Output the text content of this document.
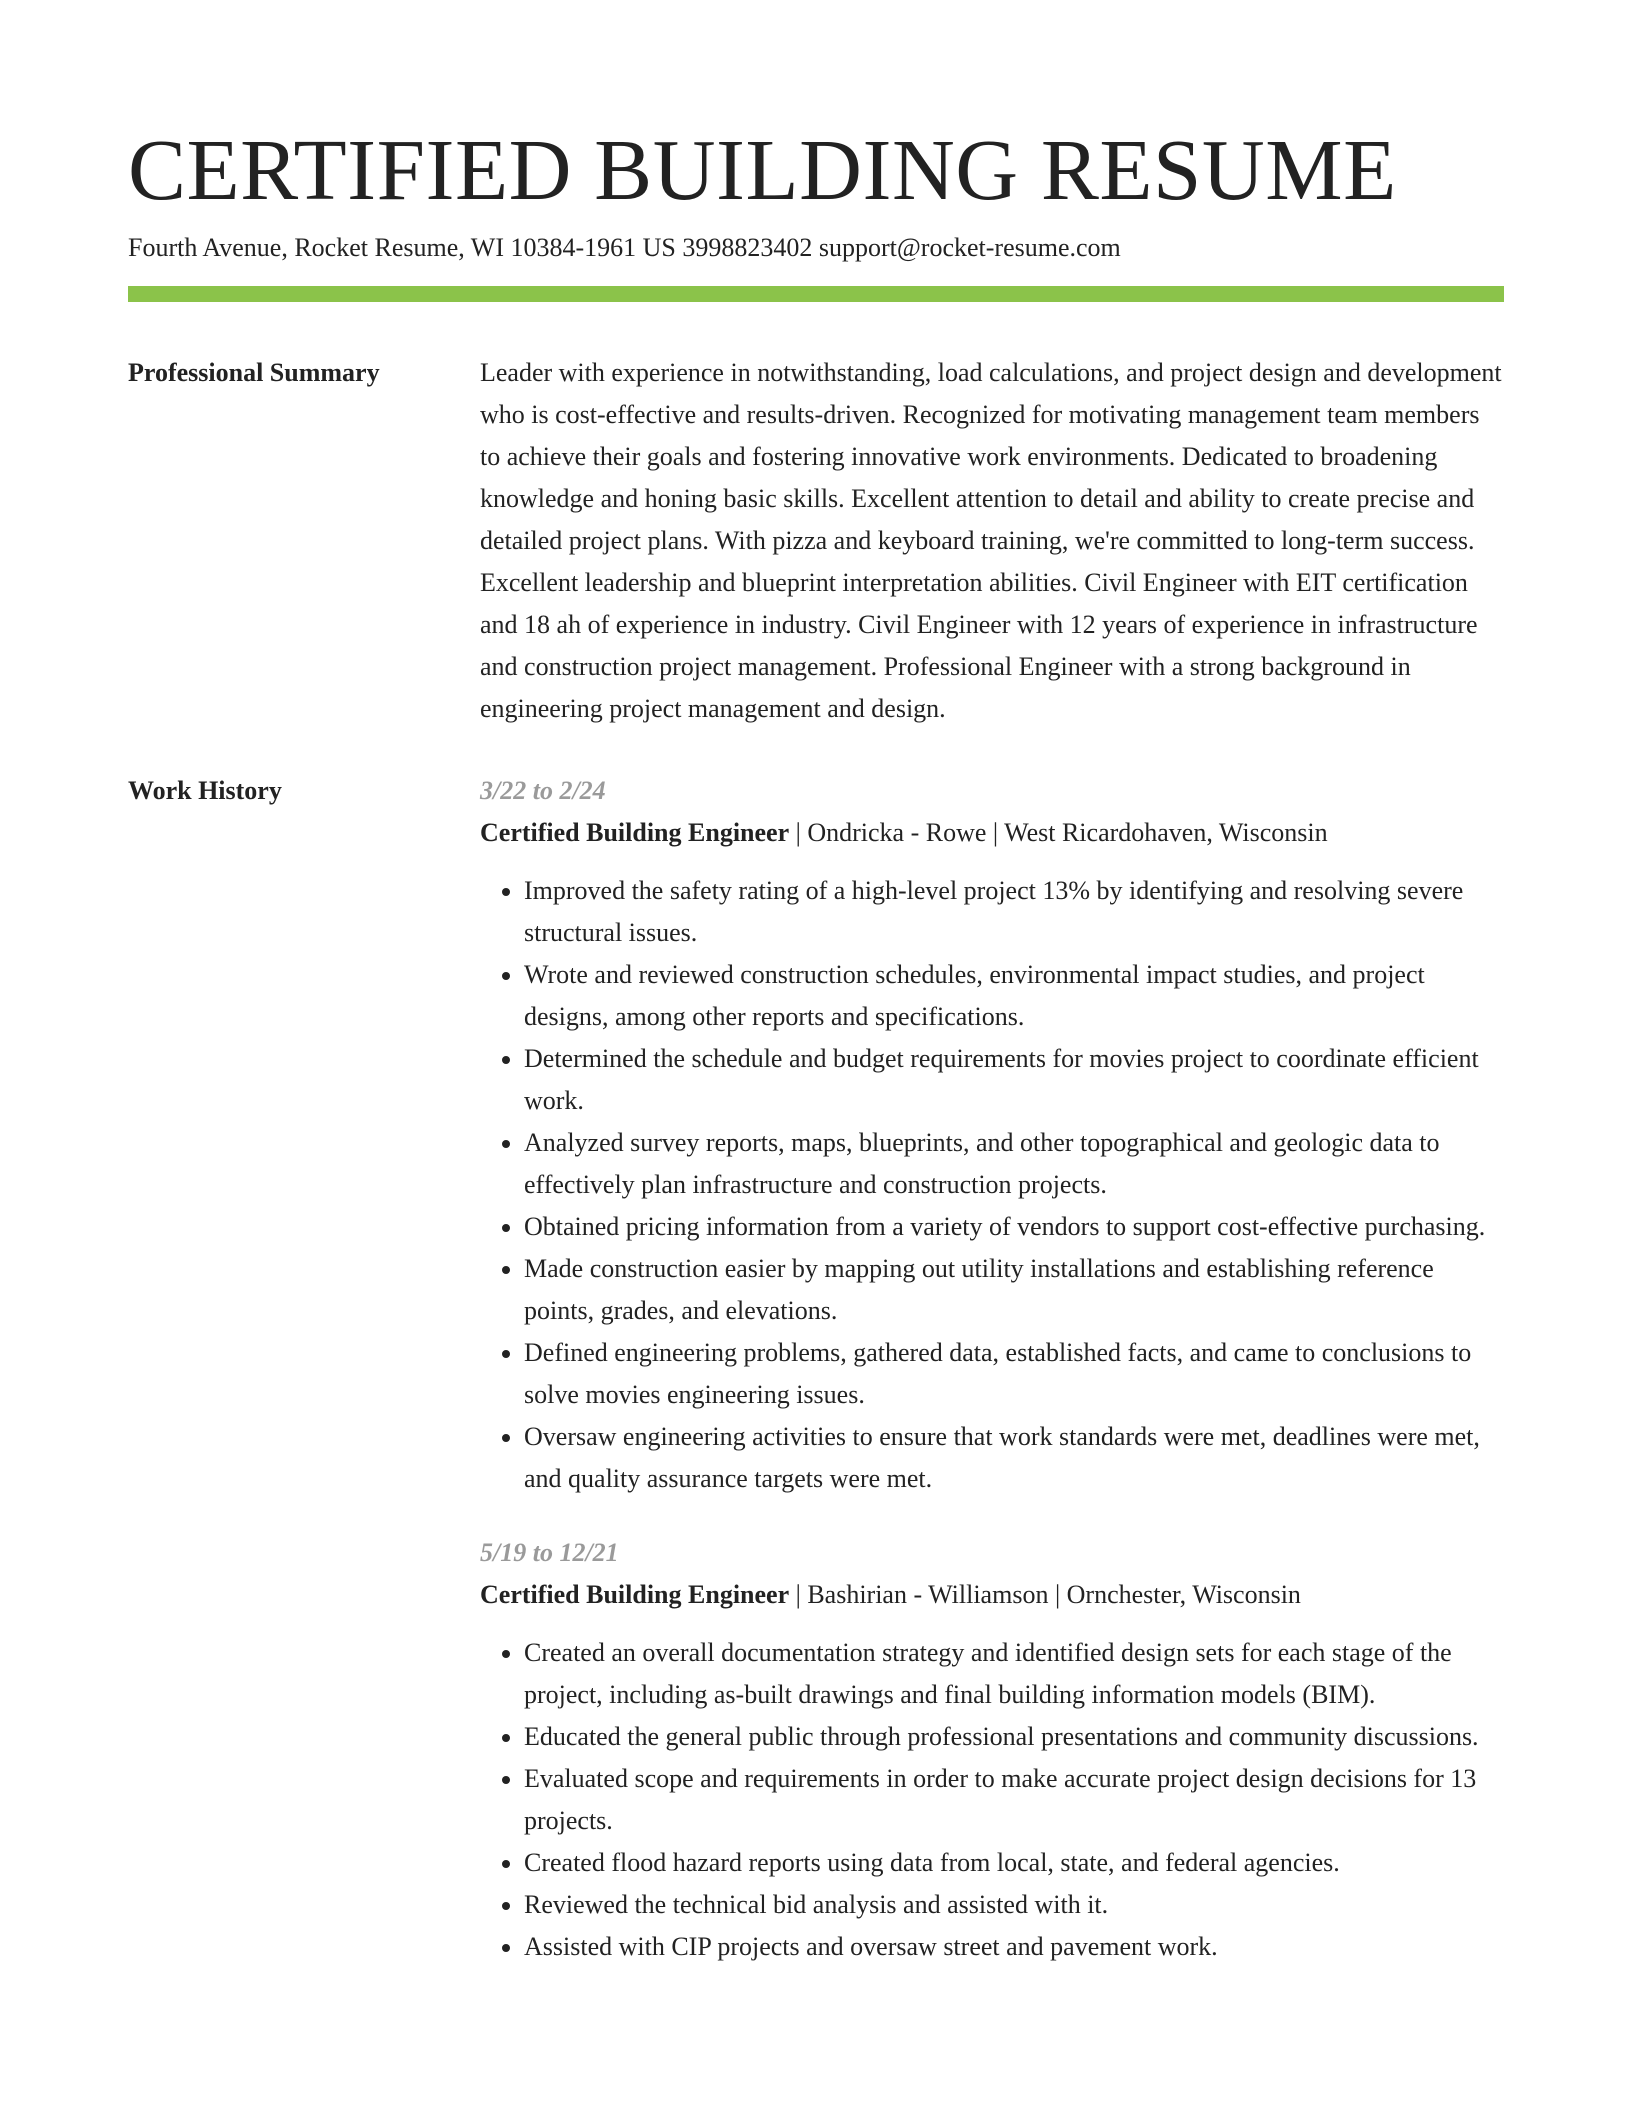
CERTIFIED BUILDING RESUME
Fourth Avenue, Rocket Resume, WI 10384-1961 US 3998823402 support@rocket-resume.com
Professional Summary	Leader with experience in notwithstanding, load calculations, and project design and development who is cost-effective and results-driven. Recognized for motivating management team members to achieve their goals and fostering innovative work environments. Dedicated to broadening knowledge and honing basic skills. Excellent attention to detail and ability to create precise and detailed project plans. With pizza and keyboard training, we're committed to long-term success. Excellent leadership and blueprint interpretation abilities. Civil Engineer with EIT certification and 18 ah of experience in industry. Civil Engineer with 12 years of experience in infrastructure and construction project management. Professional Engineer with a strong background in engineering project management and design.

Work History	3/22 to 2/24

Certified Building Engineer | Ondricka - Rowe | West Ricardohaven, Wisconsin

• Improved the safety rating of a high-level project 13% by identifying and resolving severe structural issues.
• Wrote and reviewed construction schedules, environmental impact studies, and project designs, among other reports and specifications.
• Determined the schedule and budget requirements for movies project to coordinate efficient work.
• Analyzed survey reports, maps, blueprints, and other topographical and geologic data to effectively plan infrastructure and construction projects.
• Obtained pricing information from a variety of vendors to support cost-effective purchasing.
• Made construction easier by mapping out utility installations and establishing reference points, grades, and elevations.
• Defined engineering problems, gathered data, established facts, and came to conclusions to solve movies engineering issues.
• Oversaw engineering activities to ensure that work standards were met, deadlines were met, and quality assurance targets were met.
5/19 to 12/21

Certified Building Engineer | Bashirian - Williamson | Ornchester, Wisconsin

• Created an overall documentation strategy and identified design sets for each stage of the project, including as-built drawings and final building information models (BIM).
• Educated the general public through professional presentations and community discussions.
• Evaluated scope and requirements in order to make accurate project design decisions for 13 projects.
• Created flood hazard reports using data from local, state, and federal agencies.
• Reviewed the technical bid analysis and assisted with it.
• Assisted with CIP projects and oversaw street and pavement work.
